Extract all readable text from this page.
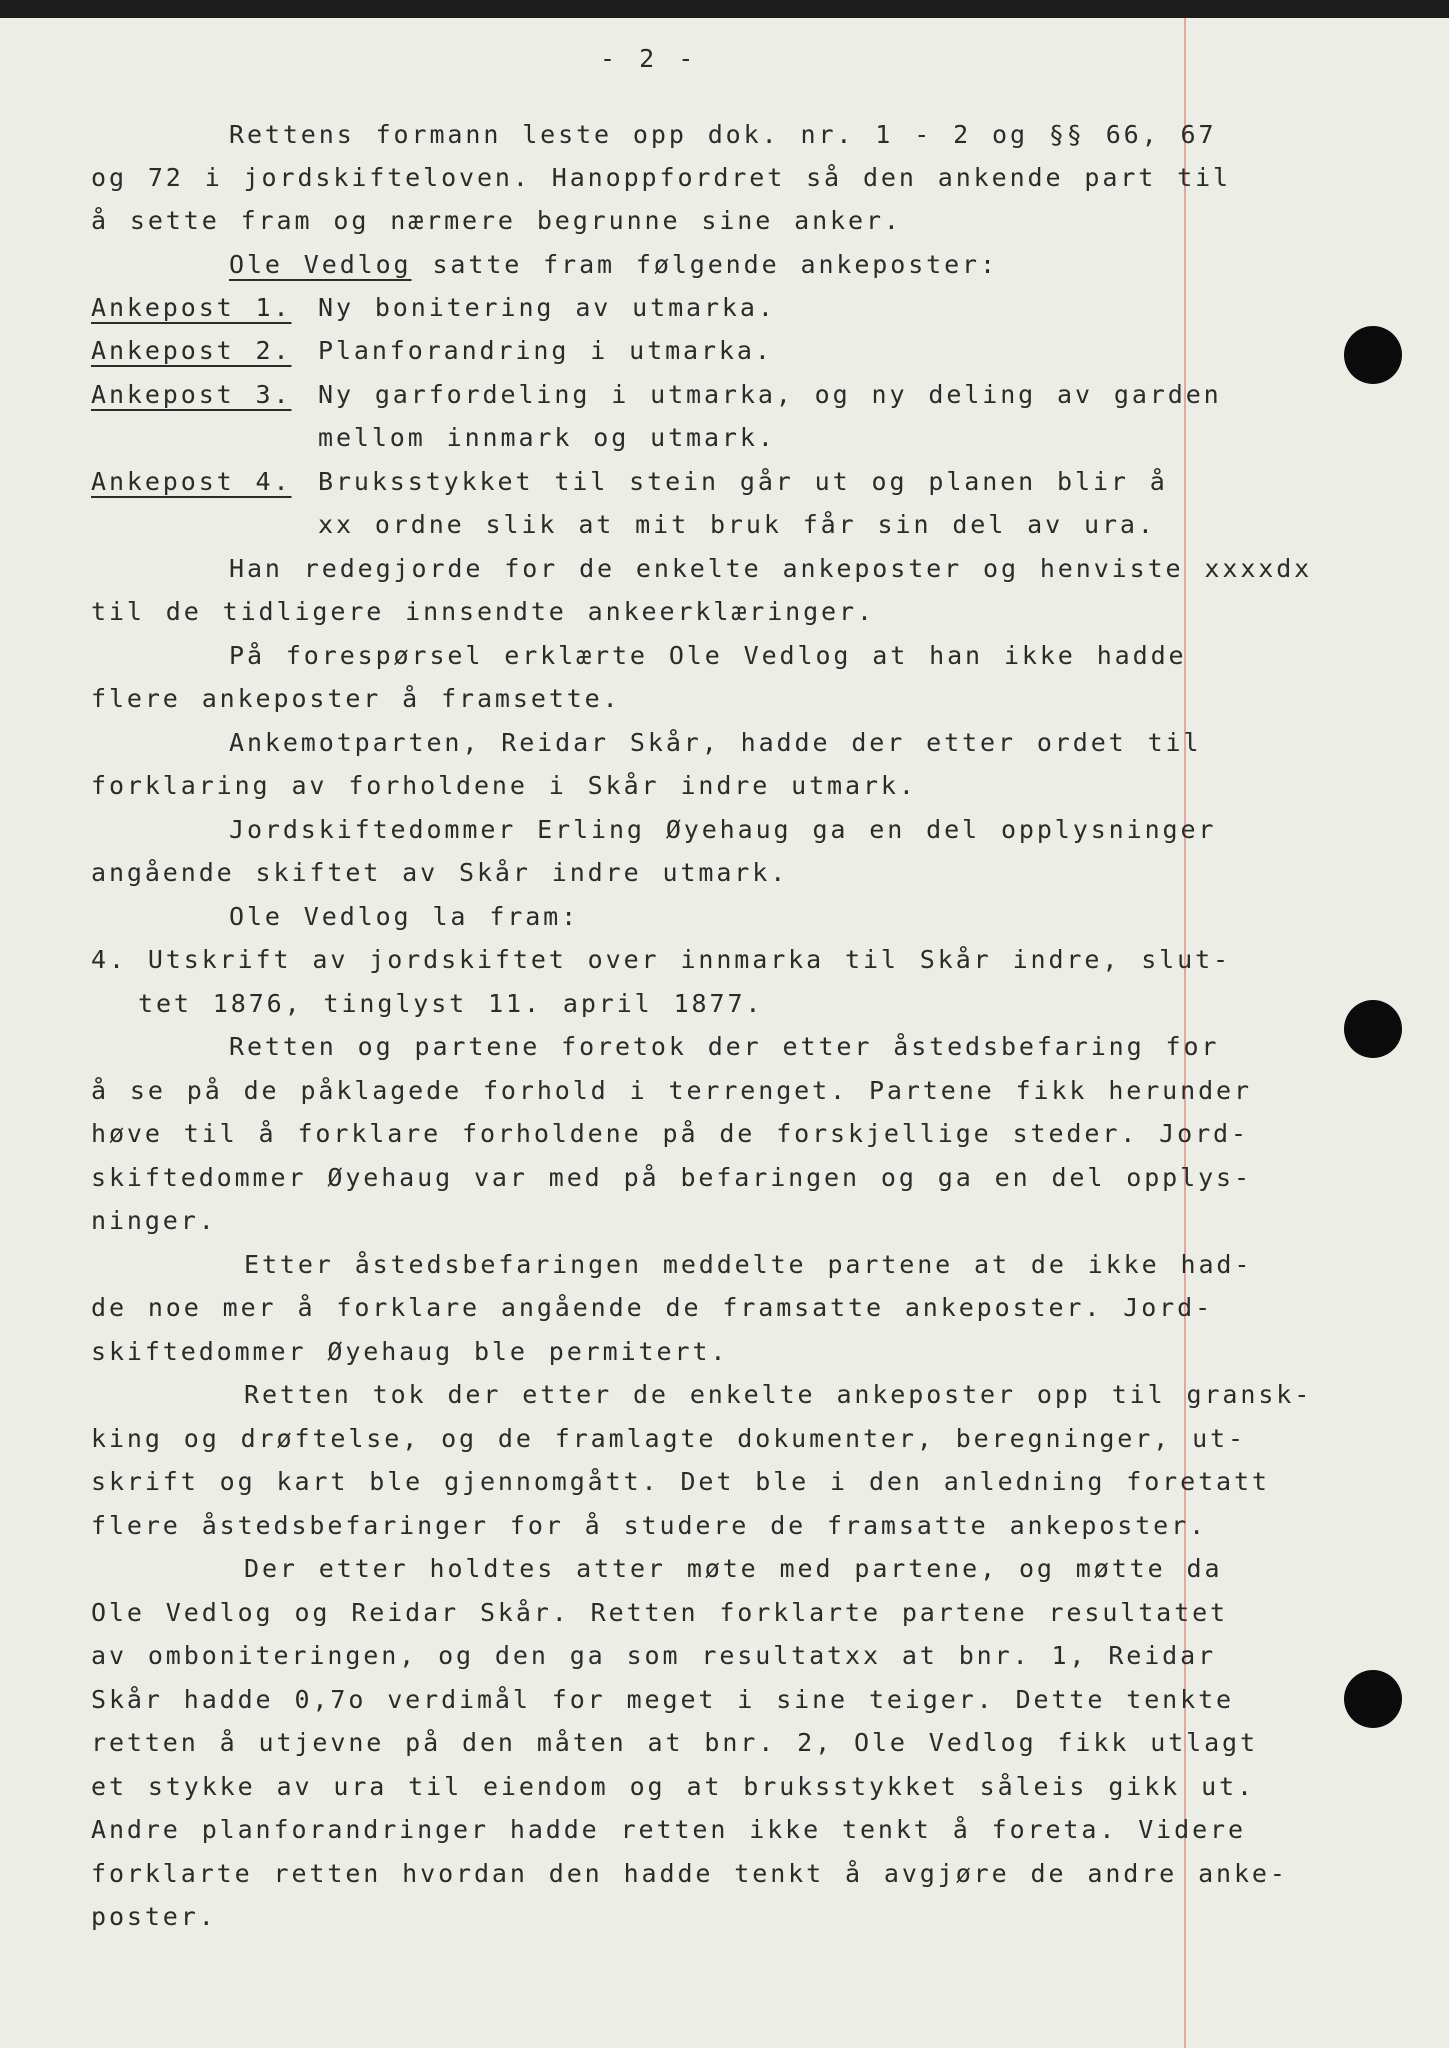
- 2 -
Rettens formann leste opp dok. nr. 1 - 2 og §§ 66, 67
og 72 i jordskifteloven. Hanoppfordret så den ankende part til
å sette fram og nærmere begrunne sine anker.
Ole Vedlog satte fram følgende ankeposter:
Ankepost 1. Ny bonitering av utmarka.
Ankepost 2. Planforandring i utmarka.
Ankepost 3. Ny garfordeling i utmarka, og ny deling av garden
mellom innmark og utmark.
Ankepost 4. Bruksstykket til stein går ut og planen blir å
xx ordne slik at mit bruk får sin del av ura.
Han redegjorde for de enkelte ankeposter og henviste xxxxdx
til de tidligere innsendte ankeerklæringer.
På forespørsel erklærte Ole Vedlog at han ikke hadde
flere ankeposter å framsette.
Ankemotparten, Reidar Skår, hadde der etter ordet til
forklaring av forholdene i Skår indre utmark.
Jordskiftedommer Erling Øyehaug ga en del opplysninger
angående skiftet av Skår indre utmark.
Ole Vedlog la fram:
4. Utskrift av jordskiftet over innmarka til Skår indre, slut-
tet 1876, tinglyst 11. april 1877.
Retten og partene foretok der etter åstedsbefaring for
å se på de påklagede forhold i terrenget. Partene fikk herunder
høve til å forklare forholdene på de forskjellige steder. Jord-
skiftedommer Øyehaug var med på befaringen og ga en del opplys-
ninger.
Etter åstedsbefaringen meddelte partene at de ikke had-
de noe mer å forklare angående de framsatte ankeposter. Jord-
skiftedommer Øyehaug ble permitert.
Retten tok der etter de enkelte ankeposter opp til gransk-
king og drøftelse, og de framlagte dokumenter, beregninger, ut-
skrift og kart ble gjennomgått. Det ble i den anledning foretatt
flere åstedsbefaringer for å studere de framsatte ankeposter.
Der etter holdtes atter møte med partene, og møtte da
Ole Vedlog og Reidar Skår. Retten forklarte partene resultatet
av omboniteringen, og den ga som resultatxx at bnr. 1, Reidar
Skår hadde 0,7o verdimål for meget i sine teiger. Dette tenkte
retten å utjevne på den måten at bnr. 2, Ole Vedlog fikk utlagt
et stykke av ura til eiendom og at bruksstykket såleis gikk ut.
Andre planforandringer hadde retten ikke tenkt å foreta. Videre
forklarte retten hvordan den hadde tenkt å avgjøre de andre anke-
poster.
